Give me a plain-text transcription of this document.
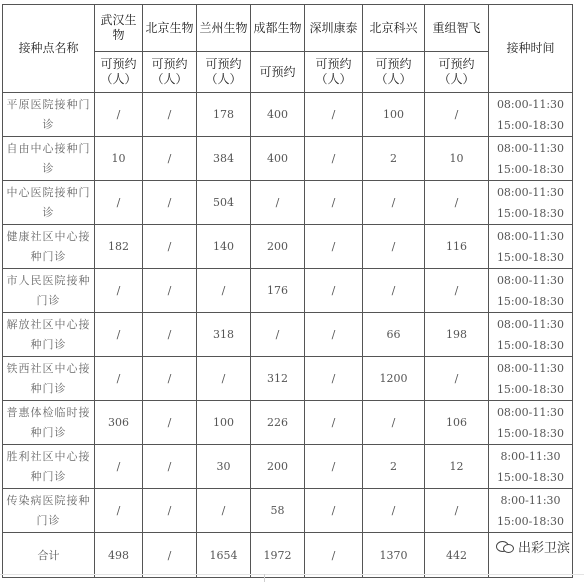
接种点名称	武汉生物	北京生物	兰州生物	成都生物	深圳康泰	北京科兴	重组智飞	接种时间
	可预约（人）	可预约（人）	可预约（人）	可预约	可预约（人）	可预约（人）	可预约（人）	
平原医院接种门诊	/	/	178	400	/	100	/	08:00-11:30
15:00-18:30

自由中心接种门诊	10	/	384	400	/	2	10	08:00-11:30
15:00-18:30

中心医院接种门诊	/	/	504	/	/	/	/	08:00-11:30
15:00-18:30

健康社区中心接种门诊	182	/	140	200	/	/	116	08:00-11:30
15:00-18:30

市人民医院接种门诊	/	/	/	176	/	/	/	08:00-11:30
15:00-18:30

解放社区中心接种门诊	/	/	318	/	/	66	198	08:00-11:30
15:00-18:30

铁西社区中心接种门诊	/	/	/	312	/	1200	/	08:00-11:30
15:00-18:30

普惠体检临时接种门诊	306	/	100	226	/	/	106	08:00-11:30
15:00-18:30

胜利社区中心接种门诊	/	/	30	200	/	2	12	8:00-11:30
15:00-18:30

传染病医院接种门诊	/	/	/	58	/	/	/	8:00-11:30
15:00-18:30

合计	498	/	1654	1972	/	1370	442		出彩卫滨
